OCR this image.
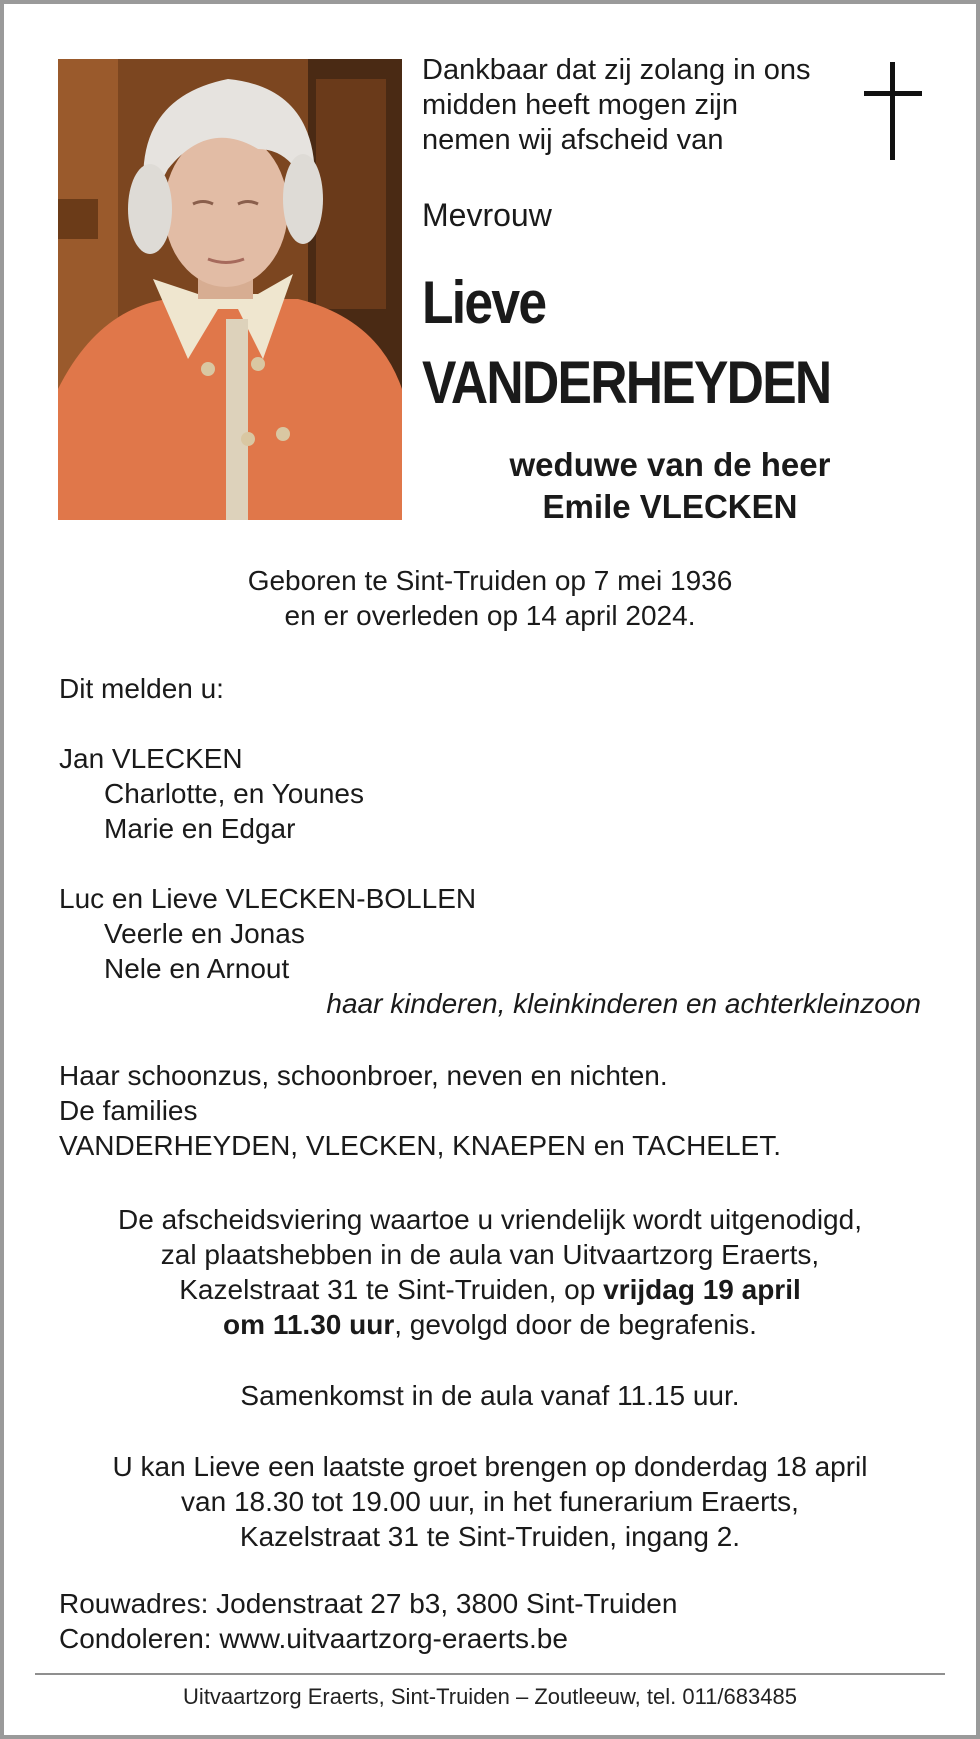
Dankbaar dat zij zolang in ons
midden heeft mogen zijn
nemen wij afscheid van
Mevrouw
Lieve
VANDERHEYDEN
weduwe van de heer
Emile VLECKEN
Geboren te Sint-Truiden op 7 mei 1936
en er overleden op 14 april 2024.
Dit melden u:
Jan VLECKEN
Charlotte, en Younes
Marie en Edgar
Luc en Lieve VLECKEN-BOLLEN
Veerle en Jonas
Nele en Arnout
haar kinderen, kleinkinderen en achterkleinzoon
Haar schoonzus, schoonbroer, neven en nichten.
De families
VANDERHEYDEN, VLECKEN, KNAEPEN en TACHELET.
De afscheidsviering waartoe u vriendelijk wordt uitgenodigd,
zal plaatshebben in de aula van Uitvaartzorg Eraerts,
Kazelstraat 31 te Sint-Truiden, op vrijdag 19 april
om 11.30 uur, gevolgd door de begrafenis.
Samenkomst in de aula vanaf 11.15 uur.
U kan Lieve een laatste groet brengen op donderdag 18 april
van 18.30 tot 19.00 uur, in het funerarium Eraerts,
Kazelstraat 31 te Sint-Truiden, ingang 2.
Rouwadres: Jodenstraat 27 b3, 3800 Sint-Truiden
Condoleren: www.uitvaartzorg-eraerts.be
Uitvaartzorg Eraerts, Sint-Truiden – Zoutleeuw, tel. 011/683485
